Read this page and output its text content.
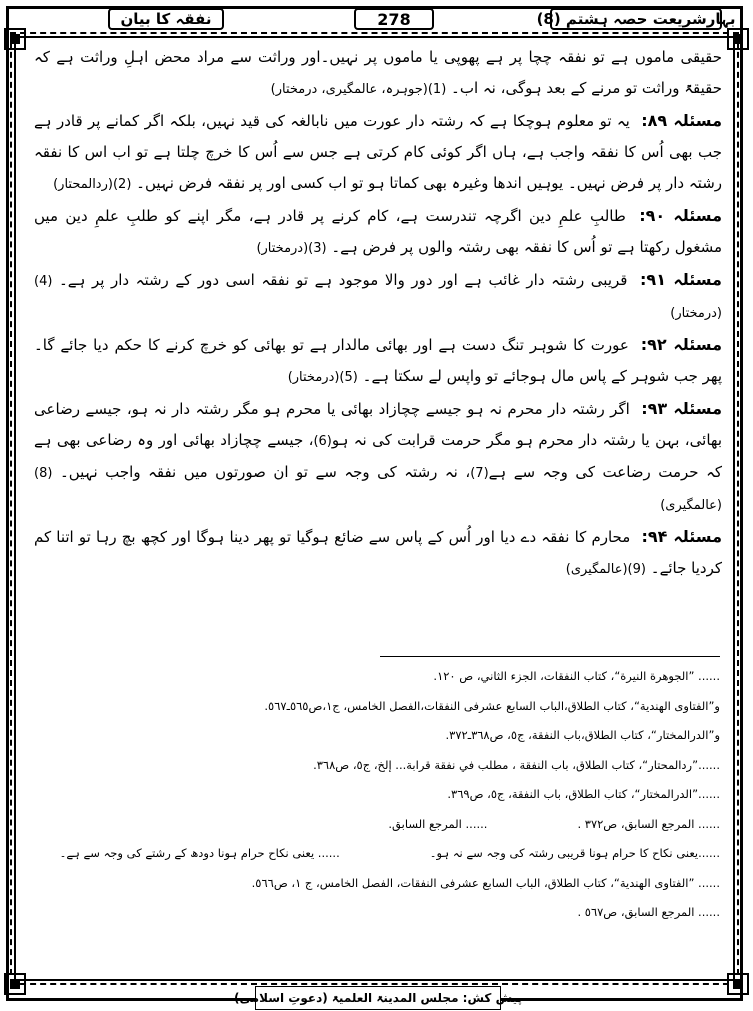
نفقہ کا بیان	278	بہارِشریعت حصہ ہشتم (8)

حقیقی ماموں ہے تو نفقہ چچا پر ہے پھوپی یا ماموں پر نہیں۔اور وراثت سے مراد محض اہلِ وراثت ہے کہ حقیقۃً وراثت تو مرنے کے بعد ہوگی، نہ اب۔ (1)(جوہرہ، عالمگیری، درمختار)

مسئلہ ۸۹: یہ تو معلوم ہوچکا ہے کہ رشتہ دار عورت میں نابالغہ کی قید نہیں، بلکہ اگر کمانے پر قادر ہے جب بھی اُس کا نفقہ واجب ہے، ہاں اگر کوئی کام کرتی ہے جس سے اُس کا خرچ چلتا ہے تو اب اس کا نفقہ رشتہ دار پر فرض نہیں۔ یوہیں اندھا وغیرہ بھی کماتا ہو تو اب کسی اور پر نفقہ فرض نہیں۔ (2)(ردالمحتار)

مسئلہ ۹۰: طالبِ علمِ دین اگرچہ تندرست ہے، کام کرنے پر قادر ہے، مگر اپنے کو طلبِ علمِ دین میں مشغول رکھتا ہے تو اُس کا نفقہ بھی رشتہ والوں پر فرض ہے۔ (3)(درمختار)

مسئلہ ۹۱: قریبی رشتہ دار غائب ہے اور دور والا موجود ہے تو نفقہ اسی دور کے رشتہ دار پر ہے۔ (4)(درمختار)

مسئلہ ۹۲: عورت کا شوہر تنگ دست ہے اور بھائی مالدار ہے تو بھائی کو خرچ کرنے کا حکم دیا جائے گا۔ پھر جب شوہر کے پاس مال ہوجائے تو واپس لے سکتا ہے۔ (5)(درمختار)

مسئلہ ۹۳: اگر رشتہ دار محرم نہ ہو جیسے چچازاد بھائی یا محرم ہو مگر رشتہ دار نہ ہو، جیسے رضاعی بھائی، بہن یا رشتہ دار محرم ہو مگر حرمت قرابت کی نہ ہو(6)، جیسے چچازاد بھائی اور وہ رضاعی بھی ہے کہ حرمت رضاعت کی وجہ سے ہے(7)، نہ رشتہ کی وجہ سے تو ان صورتوں میں نفقہ واجب نہیں۔ (8)(عالمگیری)

مسئلہ ۹۴: محارم کا نفقہ دے دیا اور اُس کے پاس سے ضائع ہوگیا تو پھر دینا ہوگا اور کچھ بچ رہا تو اتنا کم کردیا جائے۔ (9)(عالمگیری)

...... ”الجوهرة النيرة“، كتاب النفقات، الجزء الثاني، ص ١٢٠.

و”الفتاوی الهندية“، كتاب الطلاق،الباب السابع عشرفی النفقات،الفصل الخامس، ج١،ص٥٦٥ـ٥٦٧.

و”الدرالمختار“، كتاب الطلاق،باب النفقة، ج٥، ص٣٦٨ـ٣٧٢.

......”ردالمحتار“، كتاب الطلاق، باب النفقة ، مطلب في نفقة قرابة... إلخ، ج٥، ص٣٦٨.

......”الدرالمختار“، كتاب الطلاق، باب النفقة، ج٥، ص٣٦٩.

...... المرجع السابق، ص٣٧٢ .

...... المرجع السابق.

......یعنی نکاح کا حرام ہونا قریبی رشتہ کی وجہ سے نہ ہو۔

...... یعنی نکاح حرام ہونا دودھ کے رشتے کی وجہ سے ہے۔

...... ”الفتاوی الهندية“، كتاب الطلاق، الباب السابع عشرفی النفقات، الفصل الخامس، ج ١، ص٥٦٦.

...... المرجع السابق، ص٥٦٧ .

پیش کش: مجلس المدینۃ العلمیۃ (دعوتِ اسلامی)
